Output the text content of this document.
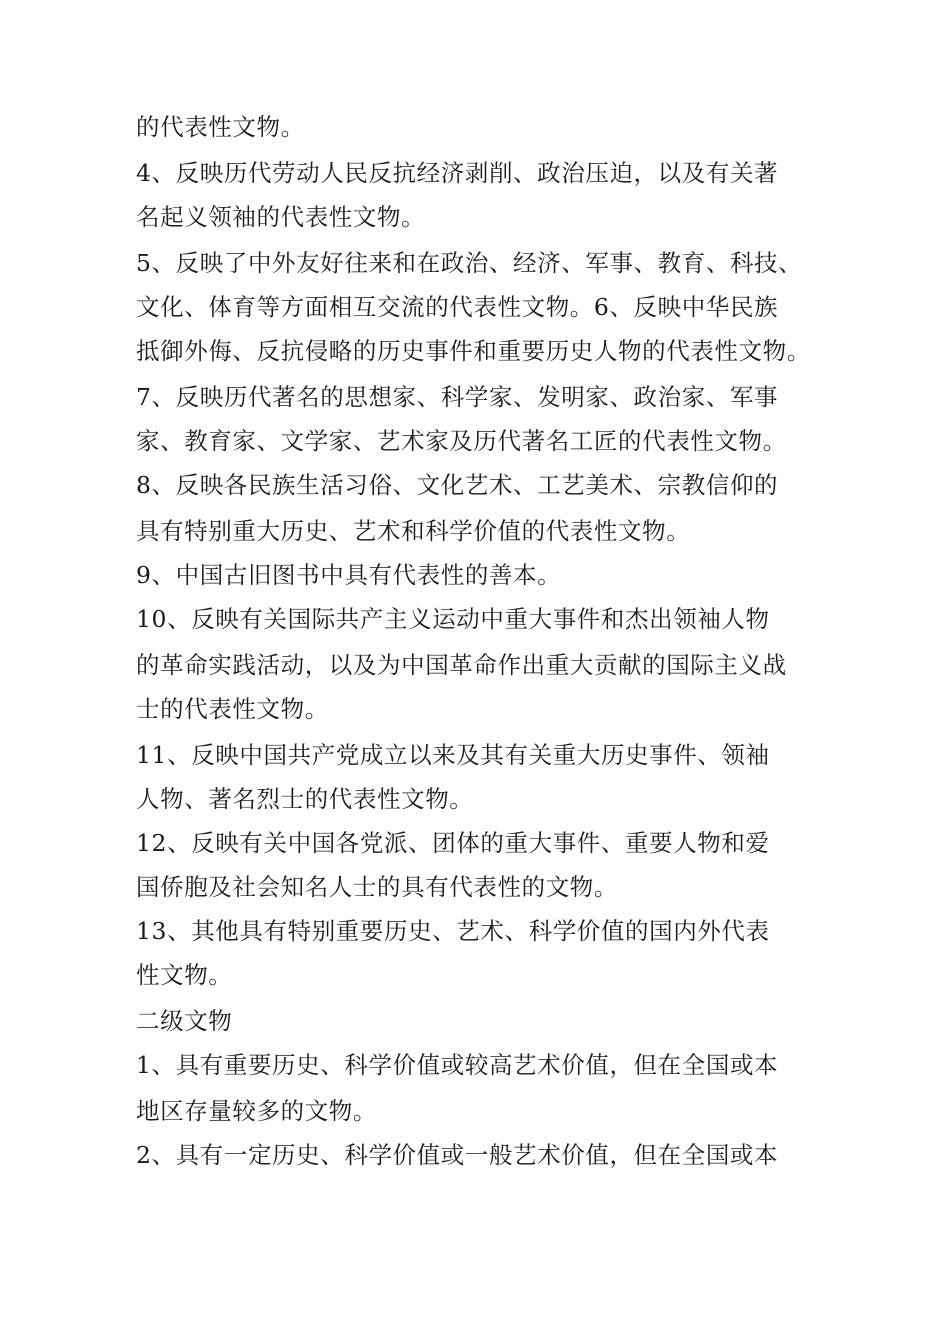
的代表性文物。
4、反映历代劳动人民反抗经济剥削、政治压迫，以及有关著
名起义领袖的代表性文物。
5、反映了中外友好往来和在政治、经济、军事、教育、科技、
文化、体育等方面相互交流的代表性文物。6、反映中华民族
抵御外侮、反抗侵略的历史事件和重要历史人物的代表性文物。
7、反映历代著名的思想家、科学家、发明家、政治家、军事
家、教育家、文学家、艺术家及历代著名工匠的代表性文物。
8、反映各民族生活习俗、文化艺术、工艺美术、宗教信仰的
具有特别重大历史、艺术和科学价值的代表性文物。
9、中国古旧图书中具有代表性的善本。
10、反映有关国际共产主义运动中重大事件和杰出领袖人物
的革命实践活动，以及为中国革命作出重大贡献的国际主义战
士的代表性文物。
11、反映中国共产党成立以来及其有关重大历史事件、领袖
人物、著名烈士的代表性文物。
12、反映有关中国各党派、团体的重大事件、重要人物和爱
国侨胞及社会知名人士的具有代表性的文物。
13、其他具有特别重要历史、艺术、科学价值的国内外代表
性文物。
二级文物
1、具有重要历史、科学价值或较高艺术价值，但在全国或本
地区存量较多的文物。
2、具有一定历史、科学价值或一般艺术价值，但在全国或本
